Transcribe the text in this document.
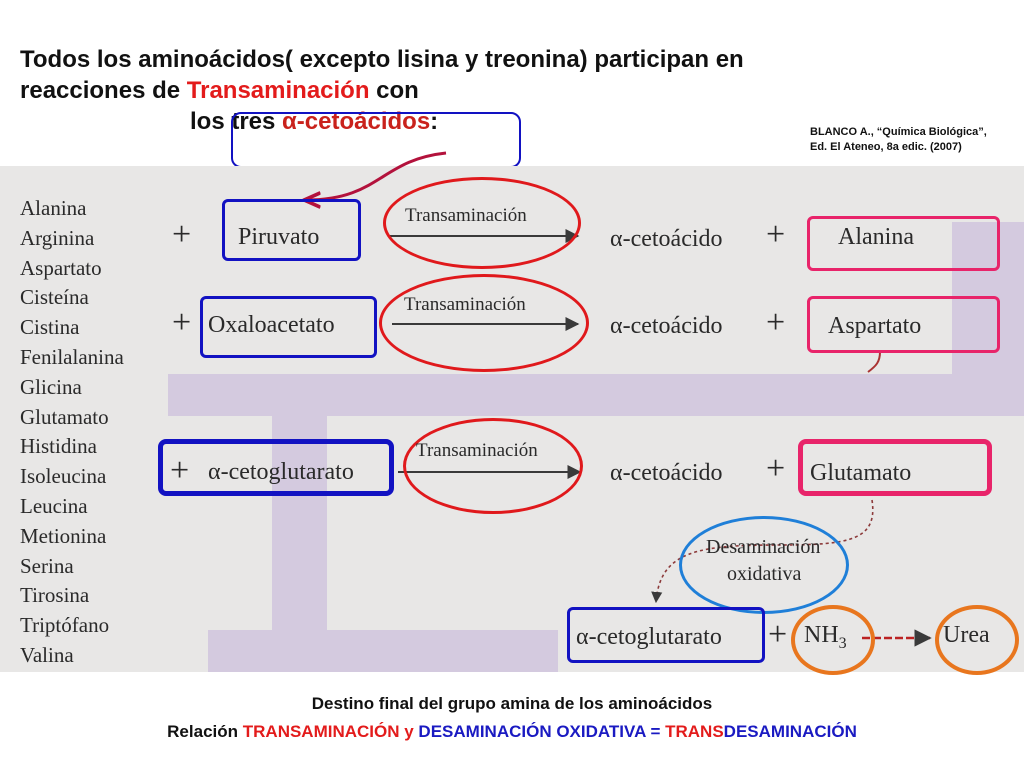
Todos los aminoácidos( excepto lisina y treonina) participan en
reacciones de Transaminación con
los tres α-cetoácidos:	BLANCO A., “Química Biológica”,
Ed. El Ateneo, 8a edic. (2007)
Alanina
Arginina
Aspartato
Cisteína
Cistina
Fenilalanina
Glicina
Glutamato
Histidina
Isoleucina
Leucina
Metionina
Serina
Tirosina
Triptófano
Valina
+ Piruvato
Transaminación
α-cetoácido + Alanina
+ Oxaloacetato
Transaminación
α-cetoácido + Aspartato
+ α-cetoglutarato
Transaminación
α-cetoácido + Glutamato
Desaminación
oxidativa
α-cetoglutarato + $NH_3$	Urea
Destino final del grupo amina de los aminoácidos
Relación TRANSAMINACIÓN y DESAMINACIÓN OXIDATIVA = TRANSDESAMINACIÓN
